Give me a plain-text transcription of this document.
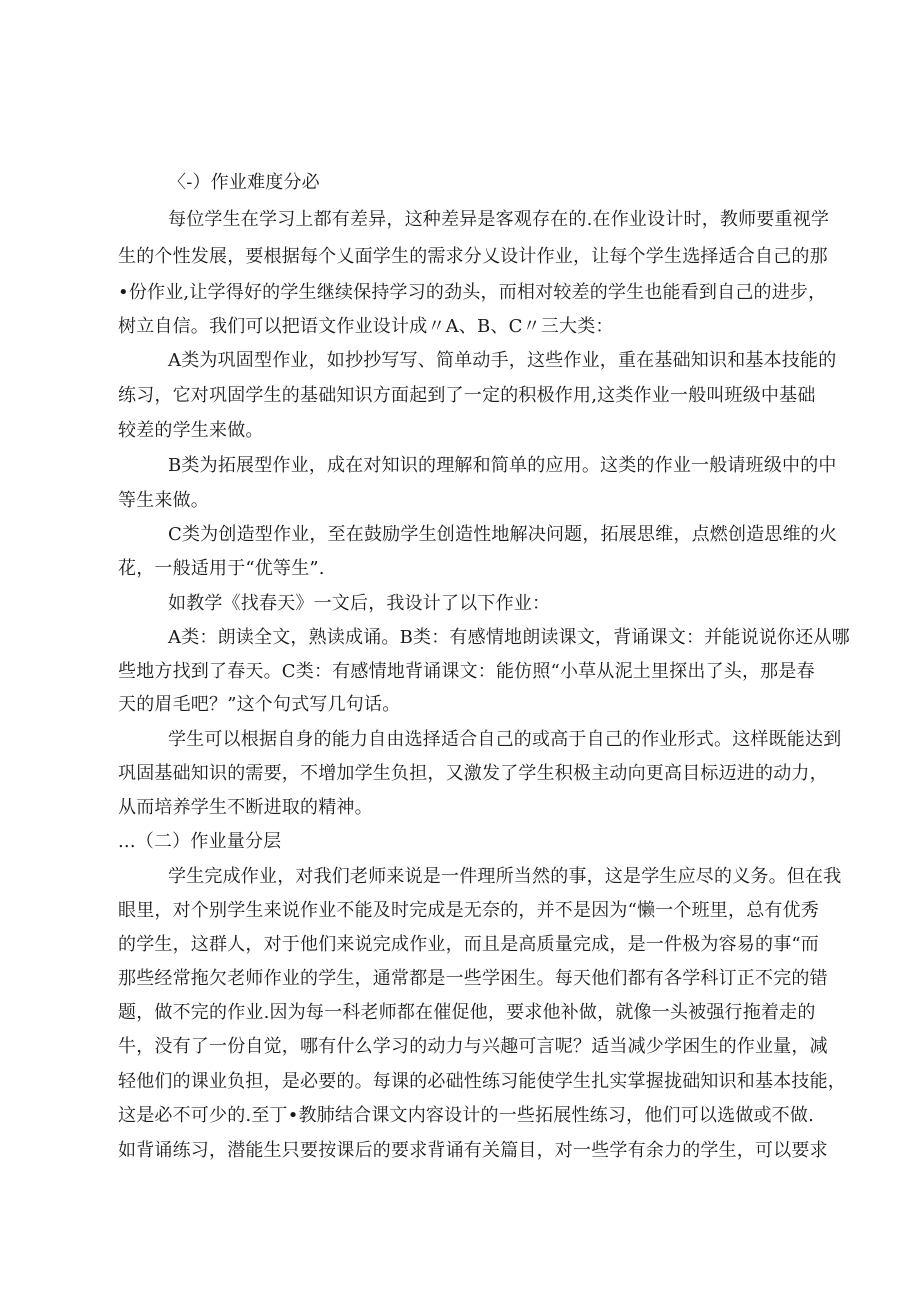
〈-）作业难度分必
每位学生在学习上都有差异，这种差异是客观存在的.在作业设计时，教师要重视学
生的个性发展，要根据每个乂面学生的需求分乂设计作业，让每个学生选择适合自己的那
•份作业,让学得好的学生继续保持学习的劲头，而相对较差的学生也能看到自己的进步，
树立自信。我们可以把语文作业设计成〃A、B、C〃三大类：
A类为巩固型作业，如抄抄写写、简单动手，这些作业，重在基础知识和基本技能的
练习，它对巩固学生的基础知识方面起到了一定的积极作用,这类作业一般叫班级中基础
较差的学生来做。
B类为拓展型作业，成在对知识的理解和简单的应用。这类的作业一般请班级中的中
等生来做。
C类为创造型作业，至在鼓励学生创造性地解决问题，拓展思维，点燃创造思维的火
花，一般适用于“优等生”.
如教学《找春天》一文后，我设计了以下作业：
A类：朗读全文，熟读成诵。B类：有感情地朗读课文，背诵课文：并能说说你还从哪
些地方找到了春天。C类：有感情地背诵课文：能仿照“小草从泥土里探出了头，那是春
天的眉毛吧？”这个句式写几句话。
学生可以根据自身的能力自由选择适合自己的或高于自己的作业形式。这样既能达到
巩固基础知识的需要，不增加学生负担，又激发了学生积极主动向更高目标迈进的动力，
从而培养学生不断进取的精神。
...（二）作业量分层
学生完成作业，对我们老师来说是一件理所当然的事，这是学生应尽的义务。但在我
眼里，对个别学生来说作业不能及时完成是无奈的，并不是因为“懒一个班里，总有优秀
的学生，这群人，对于他们来说完成作业，而且是高质量完成，是一件极为容易的事“而
那些经常拖欠老师作业的学生，通常都是一些学困生。每天他们都有各学科订正不完的错
题，做不完的作业.因为每一科老师都在催促他，要求他补做，就像一头被强行拖着走的
牛，没有了一份自觉，哪有什么学习的动力与兴趣可言呢？适当减少学困生的作业量，减
轻他们的课业负担，是必要的。每课的必础性练习能使学生扎实掌握拢础知识和基本技能，
这是必不可少的.至丁•教肺结合课文内容设计的一些拓展性练习，他们可以选做或不做.
如背诵练习，潜能生只要按课后的要求背诵有关篇目，对一些学有余力的学生，可以要求
